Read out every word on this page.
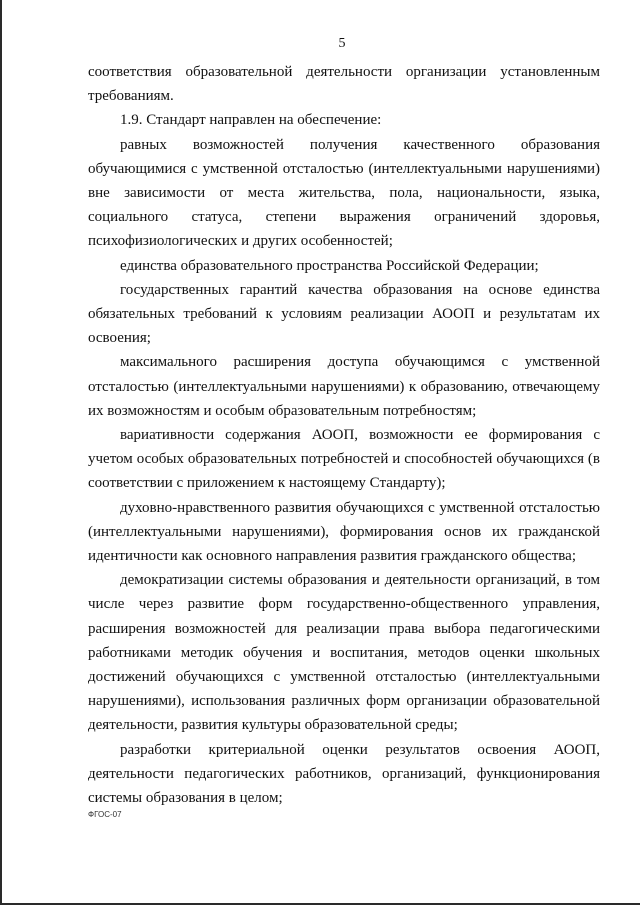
5

соответствия образовательной деятельности организации установленным требованиям.

1.9. Стандарт направлен на обеспечение:

равных возможностей получения качественного образования обучающимися с умственной отсталостью (интеллектуальными нарушениями) вне зависимости от места жительства, пола, национальности, языка, социального статуса, степени выражения ограничений здоровья, психофизиологических и других особенностей;

единства образовательного пространства Российской Федерации;

государственных гарантий качества образования на основе единства обязательных требований к условиям реализации АООП и результатам их освоения;

максимального расширения доступа обучающимся с умственной отсталостью (интеллектуальными нарушениями) к образованию, отвечающему их возможностям и особым образовательным потребностям;

вариативности содержания АООП, возможности ее формирования с учетом особых образовательных потребностей и способностей обучающихся (в соответствии с приложением к настоящему Стандарту);

духовно-нравственного развития обучающихся с умственной отсталостью (интеллектуальными нарушениями), формирования основ их гражданской идентичности как основного направления развития гражданского общества;

демократизации системы образования и деятельности организаций, в том числе через развитие форм государственно-общественного управления, расширения возможностей для реализации права выбора педагогическими работниками методик обучения и воспитания, методов оценки школьных достижений обучающихся с умственной отсталостью (интеллектуальными нарушениями), использования различных форм организации образовательной деятельности, развития культуры образовательной среды;

разработки критериальной оценки результатов освоения АООП, деятельности педагогических работников, организаций, функционирования системы образования в целом;

ФГОС-07
